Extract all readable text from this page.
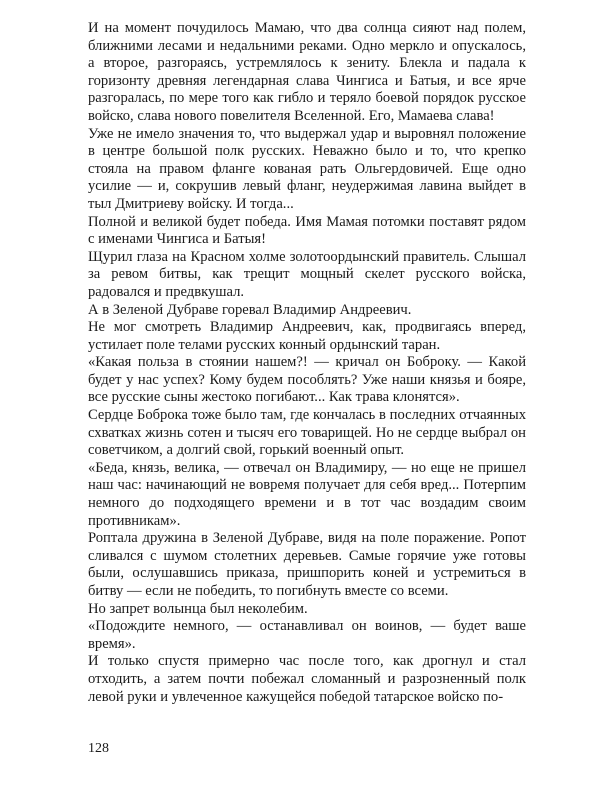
И на момент почудилось Мамаю, что два солнца сияют над полем, ближними лесами и недальними реками. Одно меркло и опускалось, а второе, разгораясь, устремлялось к зениту. Блекла и падала к горизонту древняя легендарная слава Чингиса и Батыя, и все ярче разгоралась, по мере того как гибло и теряло боевой порядок русское войско, слава нового повелителя Вселенной. Его, Мамаева слава!

Уже не имело значения то, что выдержал удар и выровнял положение в центре большой полк русских. Неважно было и то, что крепко стояла на правом фланге кованая рать Ольгердовичей. Еще одно усилие — и, сокрушив левый фланг, неудержимая лавина выйдет в тыл Дмитриеву войску. И тогда...

Полной и великой будет победа. Имя Мамая потомки поставят рядом с именами Чингиса и Батыя!

Щурил глаза на Красном холме золотоордынский правитель. Слышал за ревом битвы, как трещит мощный скелет русского войска, радовался и предвкушал.

А в Зеленой Дубраве горевал Владимир Андреевич.

Не мог смотреть Владимир Андреевич, как, продвигаясь вперед, устилает поле телами русских конный ордынский таран.

«Какая польза в стоянии нашем?! — кричал он Боброку. — Какой будет у нас успех? Кому будем пособлять? Уже наши князья и бояре, все русские сыны жестоко погибают... Как трава клонятся».

Сердце Боброка тоже было там, где кончалась в последних отчаянных схватках жизнь сотен и тысяч его товарищей. Но не сердце выбрал он советчиком, а долгий свой, горький военный опыт.

«Беда, князь, велика, — отвечал он Владимиру, — но еще не пришел наш час: начинающий не вовремя получает для себя вред... Потерпим немного до подходящего времени и в тот час воздадим своим противникам».

Роптала дружина в Зеленой Дубраве, видя на поле поражение. Ропот сливался с шумом столетних деревьев. Самые горячие уже готовы были, ослушавшись приказа, пришпорить коней и устремиться в битву — если не победить, то погибнуть вместе со всеми.

Но запрет волынца был неколебим.

«Подождите немного, — останавливал он воинов, — будет ваше время».

И только спустя примерно час после того, как дрогнул и стал отходить, а затем почти побежал сломанный и разрозненный полк левой руки и увлеченное кажущейся победой татарское войско по-

128
